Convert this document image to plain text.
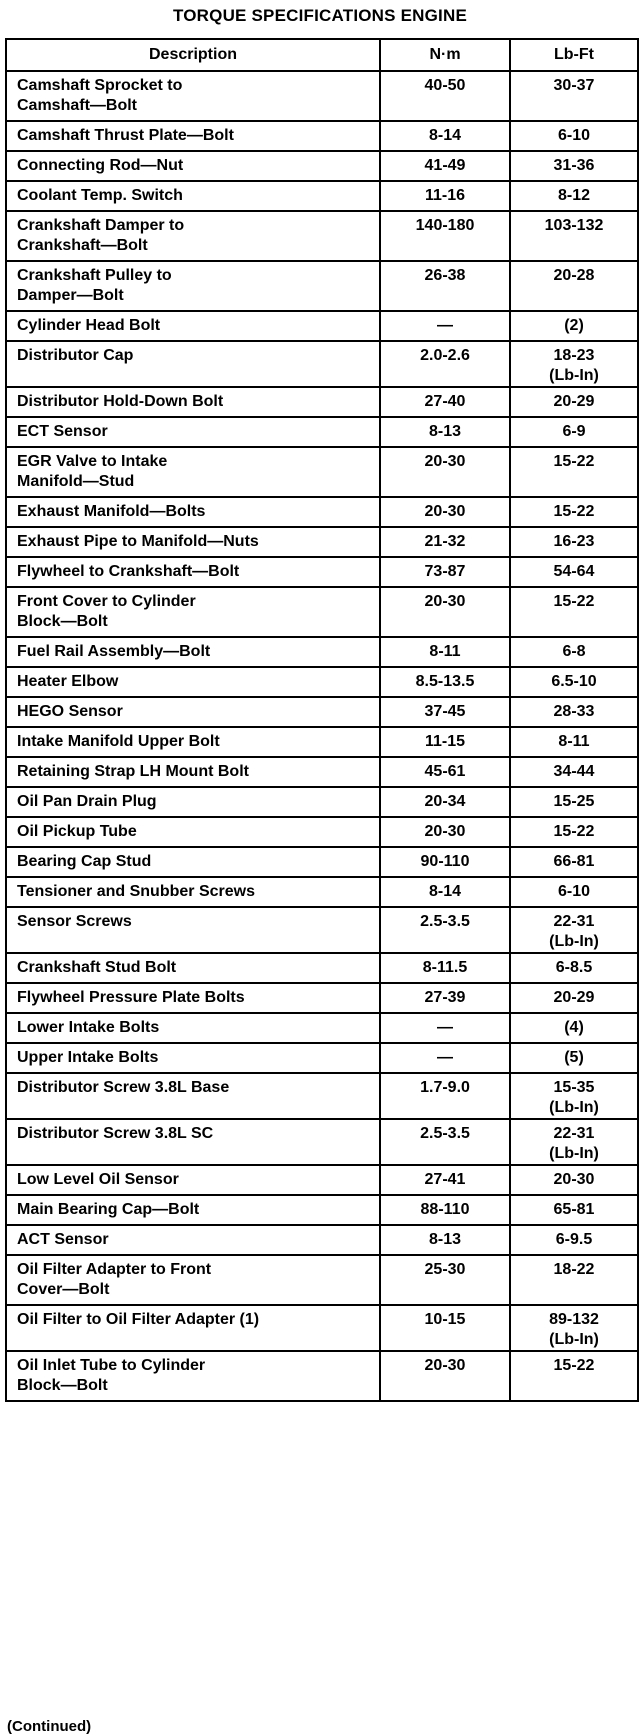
TORQUE SPECIFICATIONS ENGINE
Description	N·m	Lb-Ft

Camshaft Sprocket to
Camshaft—Bolt	40-50	30-37

Camshaft Thrust Plate—Bolt	8-14	6-10

Connecting Rod—Nut	41-49	31-36

Coolant Temp. Switch	11-16	8-12

Crankshaft Damper to
Crankshaft—Bolt	140-180	103-132

Crankshaft Pulley to
Damper—Bolt	26-38	20-28

Cylinder Head Bolt	—	(2)

Distributor Cap	2.0-2.6	18-23
(Lb-In)

Distributor Hold-Down Bolt	27-40	20-29

ECT Sensor	8-13	6-9

EGR Valve to Intake
Manifold—Stud	20-30	15-22

Exhaust Manifold—Bolts	20-30	15-22

Exhaust Pipe to Manifold—Nuts	21-32	16-23

Flywheel to Crankshaft—Bolt	73-87	54-64

Front Cover to Cylinder
Block—Bolt	20-30	15-22

Fuel Rail Assembly—Bolt	8-11	6-8

Heater Elbow	8.5-13.5	6.5-10

HEGO Sensor	37-45	28-33

Intake Manifold Upper Bolt	11-15	8-11

Retaining Strap LH Mount Bolt	45-61	34-44

Oil Pan Drain Plug	20-34	15-25

Oil Pickup Tube	20-30	15-22

Bearing Cap Stud	90-110	66-81

Tensioner and Snubber Screws	8-14	6-10

Sensor Screws	2.5-3.5	22-31
(Lb-In)

Crankshaft Stud Bolt	8-11.5	6-8.5

Flywheel Pressure Plate Bolts	27-39	20-29

Lower Intake Bolts	—	(4)

Upper Intake Bolts	—	(5)

Distributor Screw 3.8L Base	1.7-9.0	15-35
(Lb-In)

Distributor Screw 3.8L SC	2.5-3.5	22-31
(Lb-In)

Low Level Oil Sensor	27-41	20-30

Main Bearing Cap—Bolt	88-110	65-81

ACT Sensor	8-13	6-9.5

Oil Filter Adapter to Front
Cover—Bolt	25-30	18-22

Oil Filter to Oil Filter Adapter (1)	10-15	89-132
(Lb-In)

Oil Inlet Tube to Cylinder
Block—Bolt	20-30	15-22
(Continued)
